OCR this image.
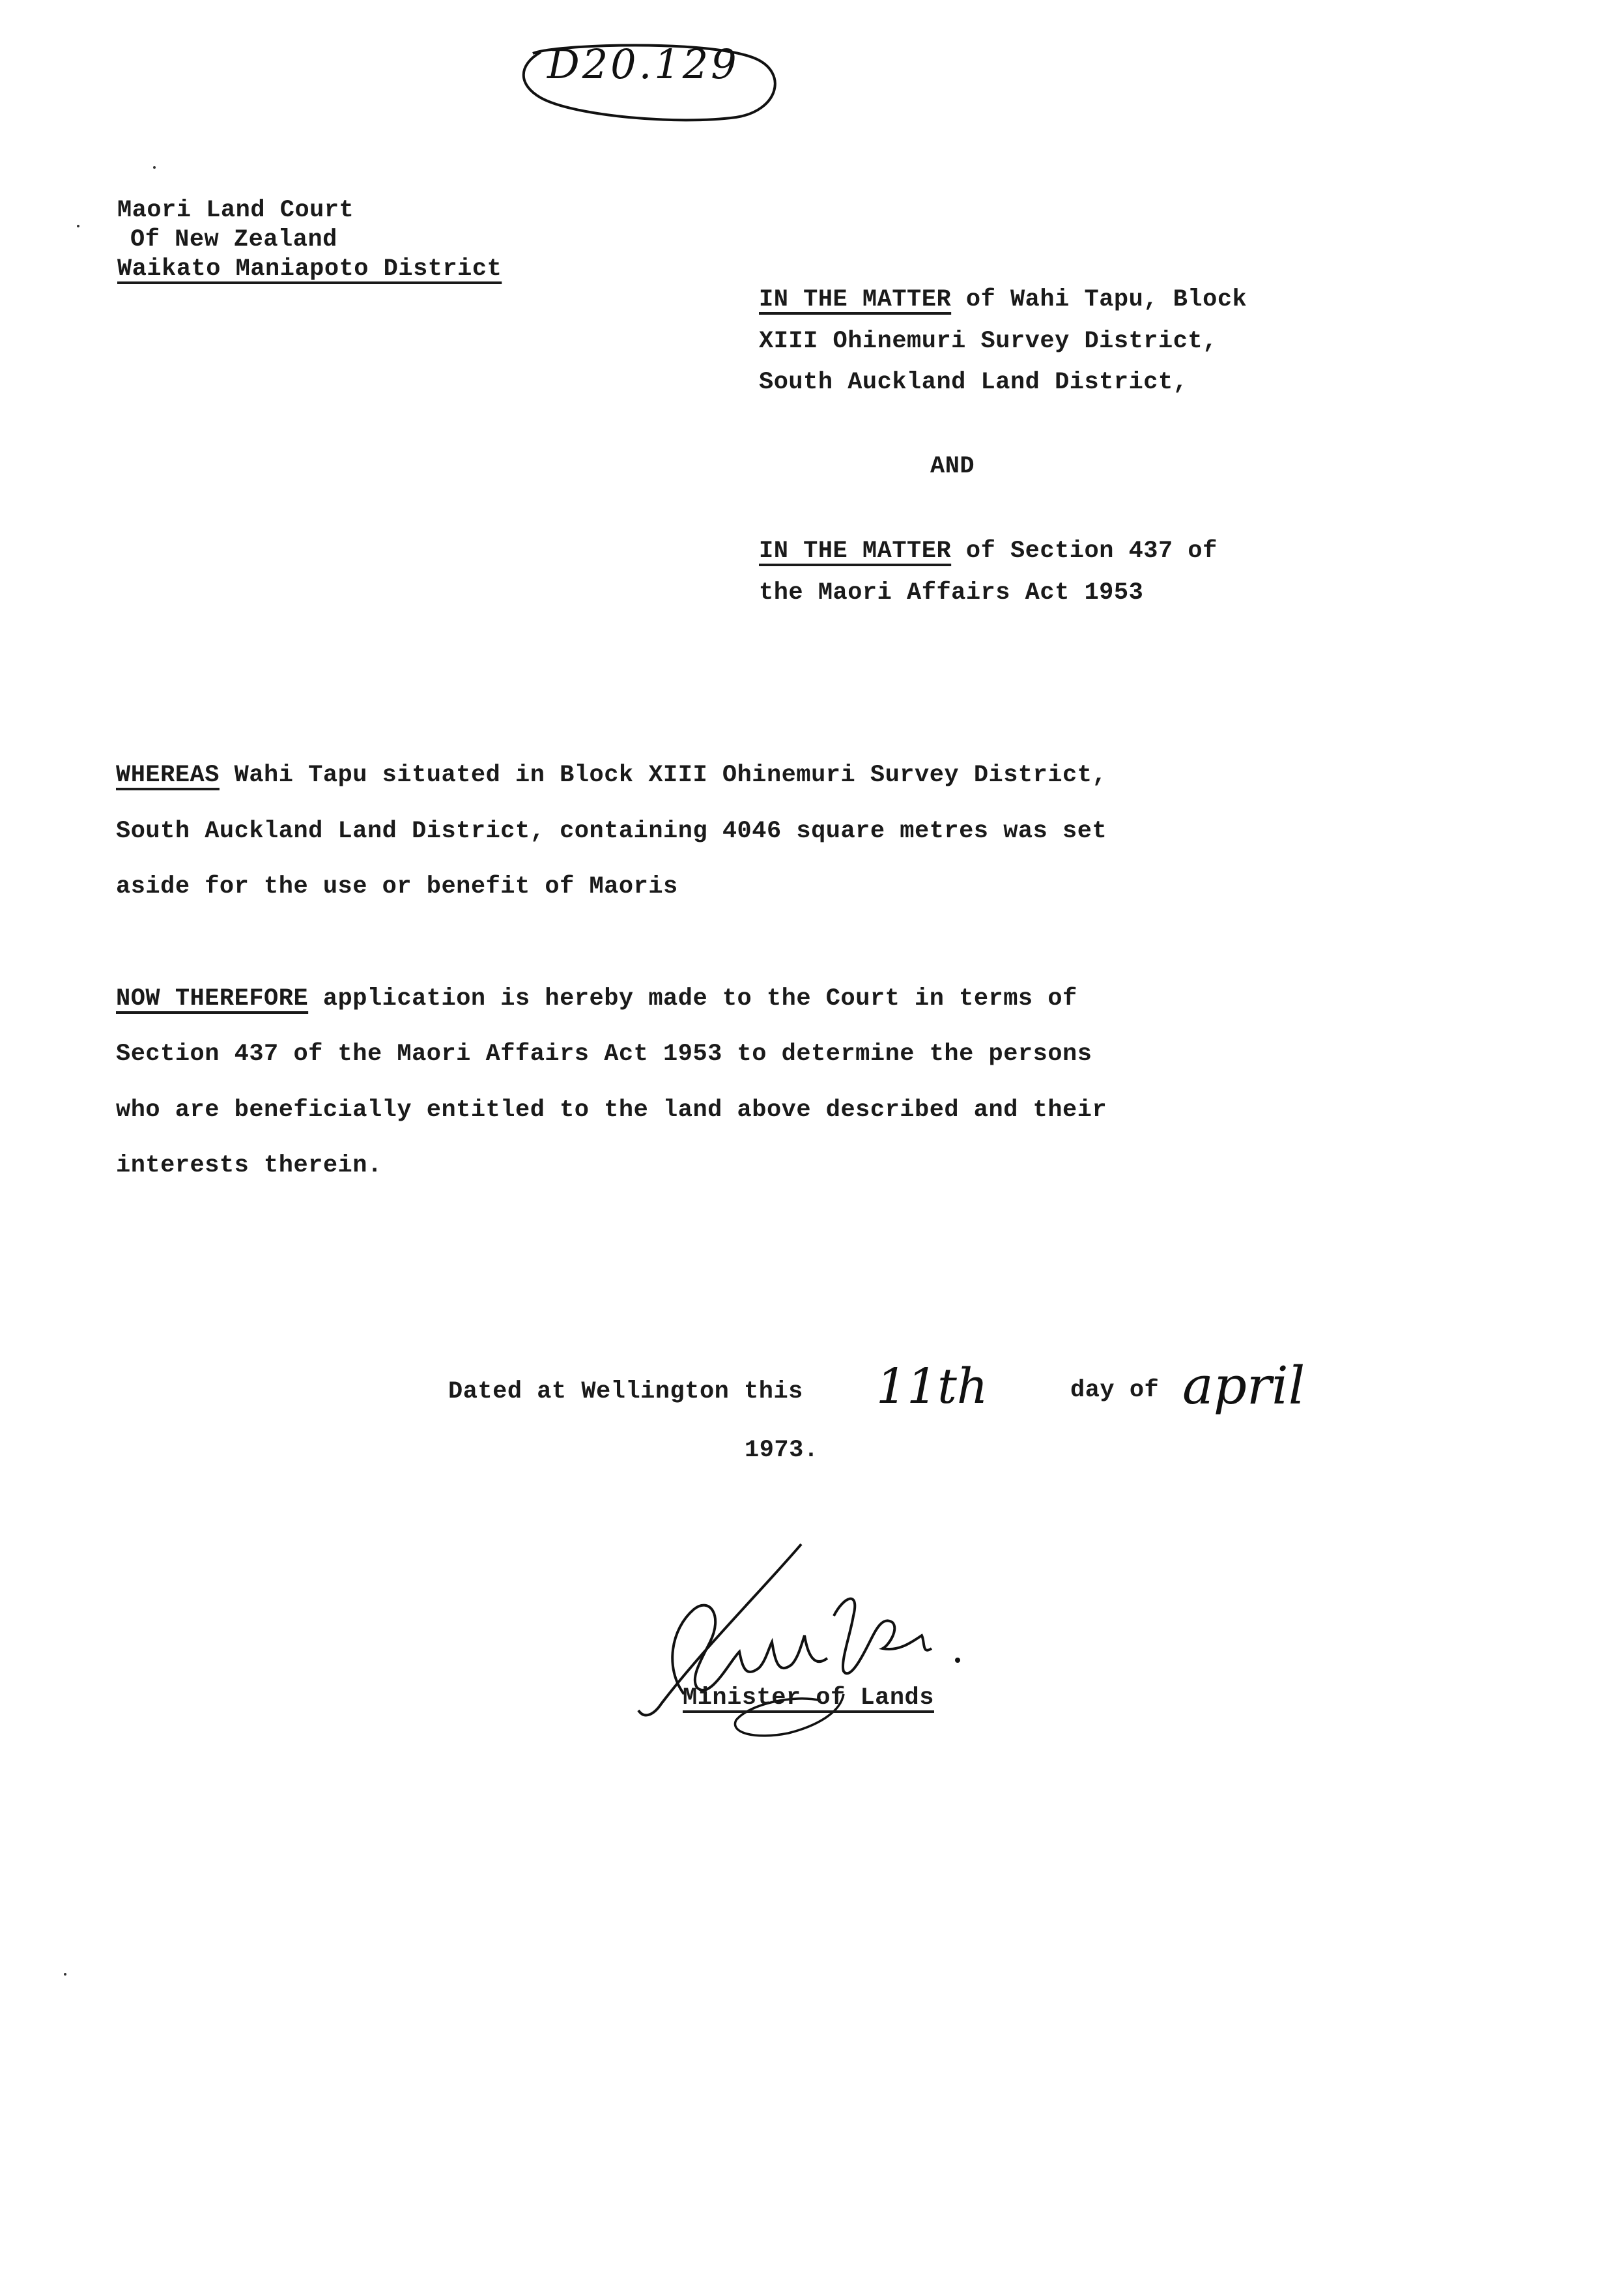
D20.129
Maori Land Court
Of New Zealand
Waikato Maniapoto District
IN THE MATTER of Wahi Tapu, Block
XIII Ohinemuri Survey District,
South Auckland Land District,
AND
IN THE MATTER of Section 437 of
the Maori Affairs Act 1953
WHEREAS Wahi Tapu situated in Block XIII Ohinemuri Survey District,
South Auckland Land District, containing 4046 square metres was set
aside for the use or benefit of Maoris
NOW THEREFORE application is hereby made to the Court in terms of
Section 437 of the Maori Affairs Act 1953 to determine the persons
who are beneficially entitled to the land above described and their
interests therein.
Dated at Wellington this 11th	day of april
1973.
Minister of Lands
